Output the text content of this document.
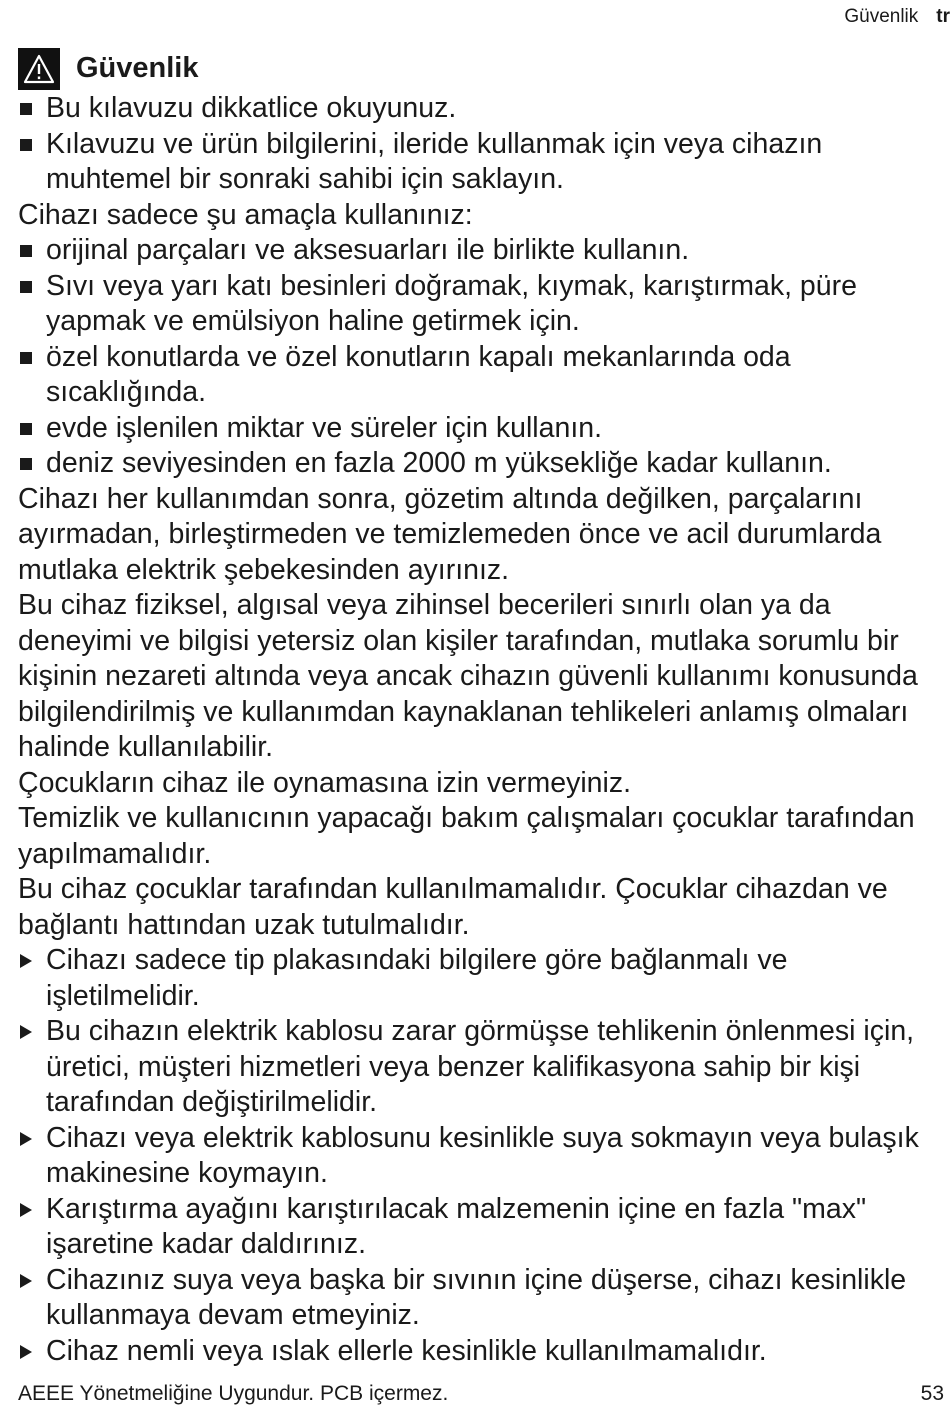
Güvenlik tr
Güvenlik
Bu kılavuzu dikkatlice okuyunuz.
Kılavuzu ve ürün bilgilerini, ileride kullanmak için veya cihazın muhtemel bir sonraki sahibi için saklayın.

Cihazı sadece şu amaçla kullanınız:

orijinal parçaları ve aksesuarları ile birlikte kullanın.
Sıvı veya yarı katı besinleri doğramak, kıymak, karıştırmak, püre yapmak ve emülsiyon haline getirmek için.
özel konutlarda ve özel konutların kapalı mekanlarında oda sıcaklığında.
evde işlenilen miktar ve süreler için kullanın.
deniz seviyesinden en fazla 2000 m yüksekliğe kadar kullanın.

Cihazı her kullanımdan sonra, gözetim altında değilken, parçalarını ayırmadan, birleştirmeden ve temizlemeden önce ve acil durumlarda mutlaka elektrik şebekesinden ayırınız.

Bu cihaz fiziksel, algısal veya zihinsel becerileri sınırlı olan ya da deneyimi ve bilgisi yetersiz olan kişiler tarafından, mutlaka sorumlu bir kişinin nezareti altında veya ancak cihazın güvenli kullanımı konusunda bilgilendirilmiş ve kullanımdan kaynaklanan tehlikeleri anlamış olmaları halinde kullanılabilir.

Çocukların cihaz ile oynamasına izin vermeyiniz.

Temizlik ve kullanıcının yapacağı bakım çalışmaları çocuklar tarafından yapılmamalıdır.

Bu cihaz çocuklar tarafından kullanılmamalıdır. Çocuklar cihazdan ve bağlantı hattından uzak tutulmalıdır.

Cihazı sadece tip plakasındaki bilgilere göre bağlanmalı ve işletilmelidir.
Bu cihazın elektrik kablosu zarar görmüşse tehlikenin önlenmesi için, üretici, müşteri hizmetleri veya benzer kalifikasyona sahip bir kişi tarafından değiştirilmelidir.
Cihazı veya elektrik kablosunu kesinlikle suya sokmayın veya bulaşık makinesine koymayın.
Karıştırma ayağını karıştırılacak malzemenin içine en fazla "max" işaretine kadar daldırınız.
Cihazınız suya veya başka bir sıvının içine düşerse, cihazı kesinlikle kullanmaya devam etmeyiniz.
Cihaz nemli veya ıslak ellerle kesinlikle kullanılmamalıdır.
AEEE Yönetmeliğine Uygundur. PCB içermez.	53
